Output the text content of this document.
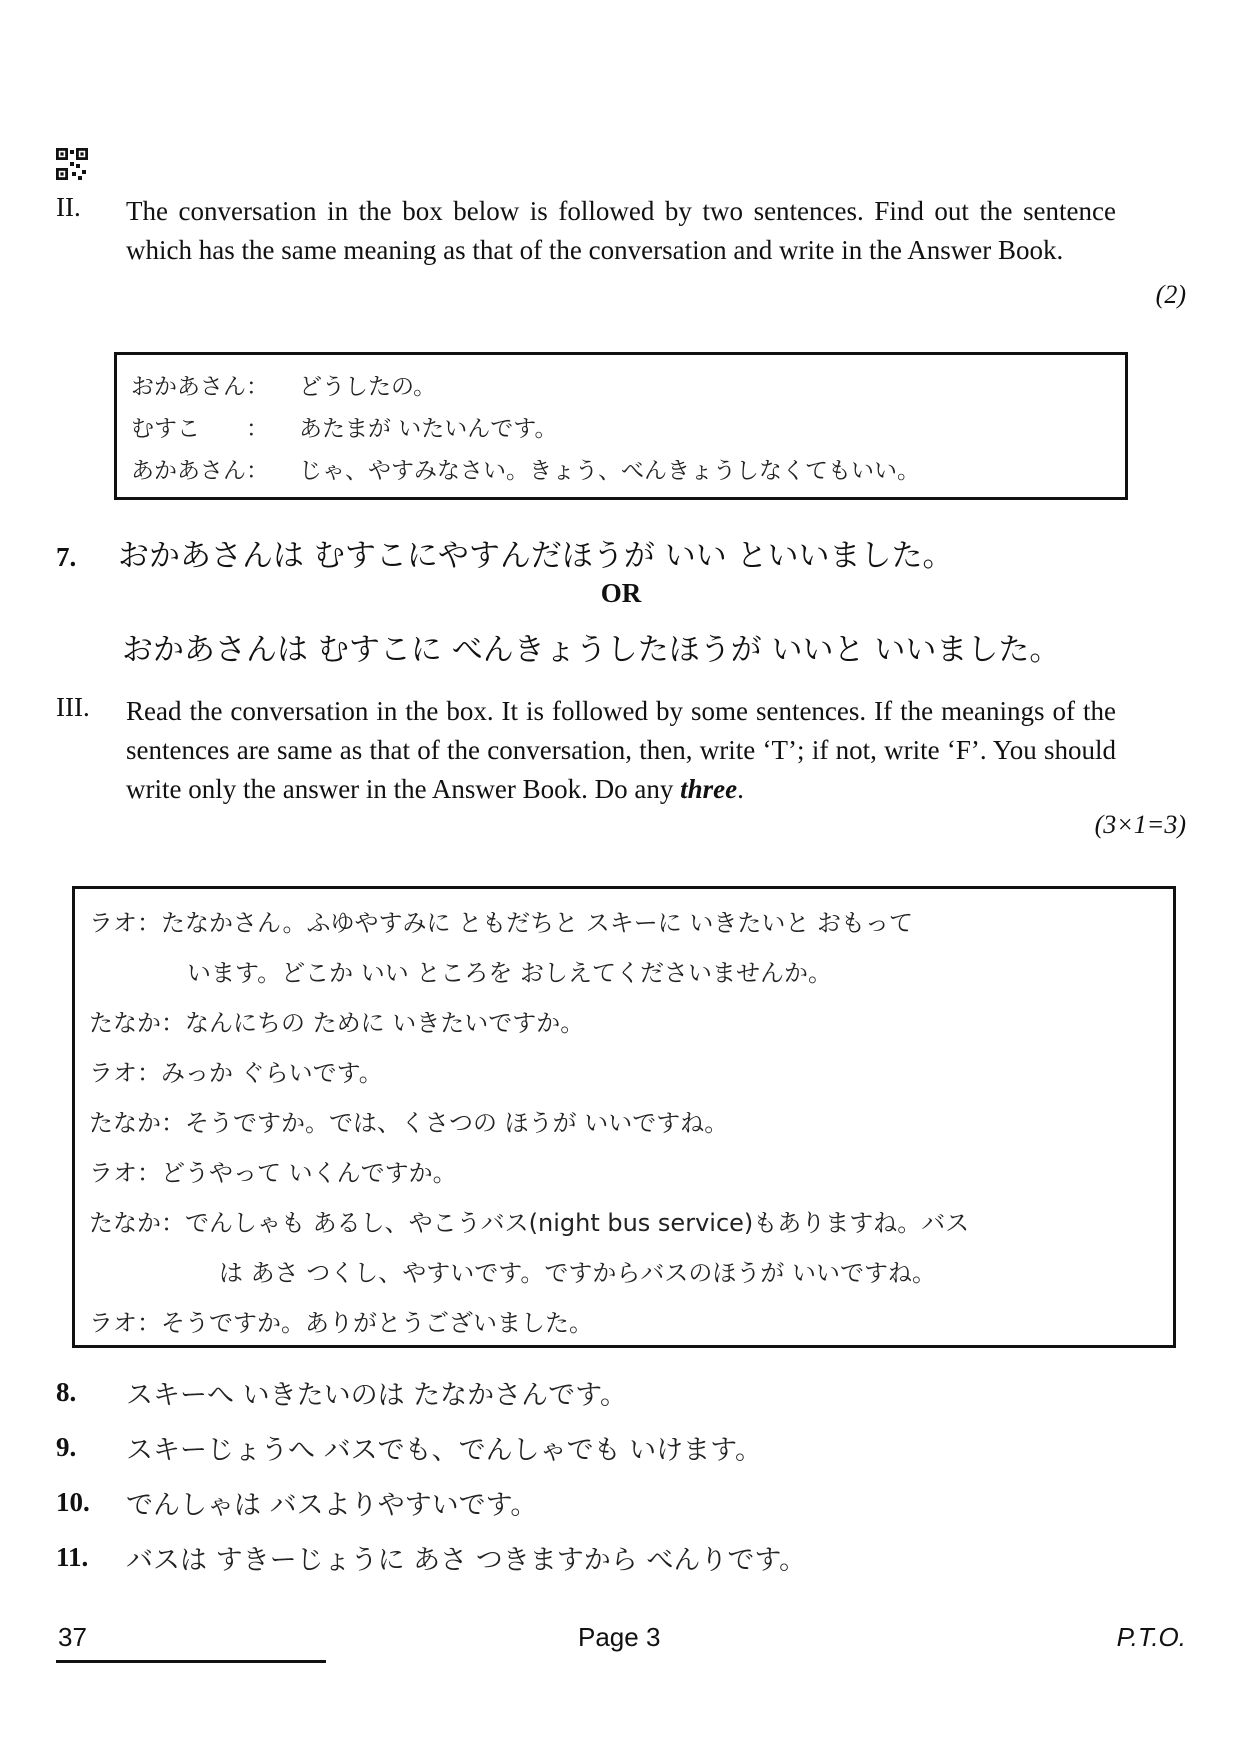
II. The conversation in the box below is followed by two sentences. Find out the sentence which has the same meaning as that of the conversation and write in the Answer Book.
(2)
おかあさん：	どうしたの。
むすこ　　：	あたまが いたいんです。
あかあさん：	じゃ、やすみなさい。きょう、べんきょうしなくてもいい。
7. おかあさんは むすこにやすんだほうが いい といいました。
OR
おかあさんは むすこに べんきょうしたほうが いいと いいました。
III. Read the conversation in the box. It is followed by some sentences. If the meanings of the sentences are same as that of the conversation, then, write ‘T’; if not, write ‘F’. You should write only the answer in the Answer Book. Do any three.
(3×1=3)
ラオ： たなかさん。ふゆやすみに ともだちと スキーに いきたいと おもって
います。どこか いい ところを おしえてくださいませんか。
たなか： なんにちの ために いきたいですか。
ラオ： みっか ぐらいです。
たなか： そうですか。では、くさつの ほうが いいですね。
ラオ： どうやって いくんですか。
たなか： でんしゃも あるし、やこうバス(night bus service)もありますね。バス
は あさ つくし、やすいです。ですからバスのほうが いいですね。
ラオ： そうですか。ありがとうございました。
8.	スキーへ いきたいのは たなかさんです。
9.	スキーじょうへ バスでも、でんしゃでも いけます。
10.	でんしゃは バスよりやすいです。
11.	バスは すきーじょうに あさ つきますから べんりです。
37	Page 3	P.T.O.
